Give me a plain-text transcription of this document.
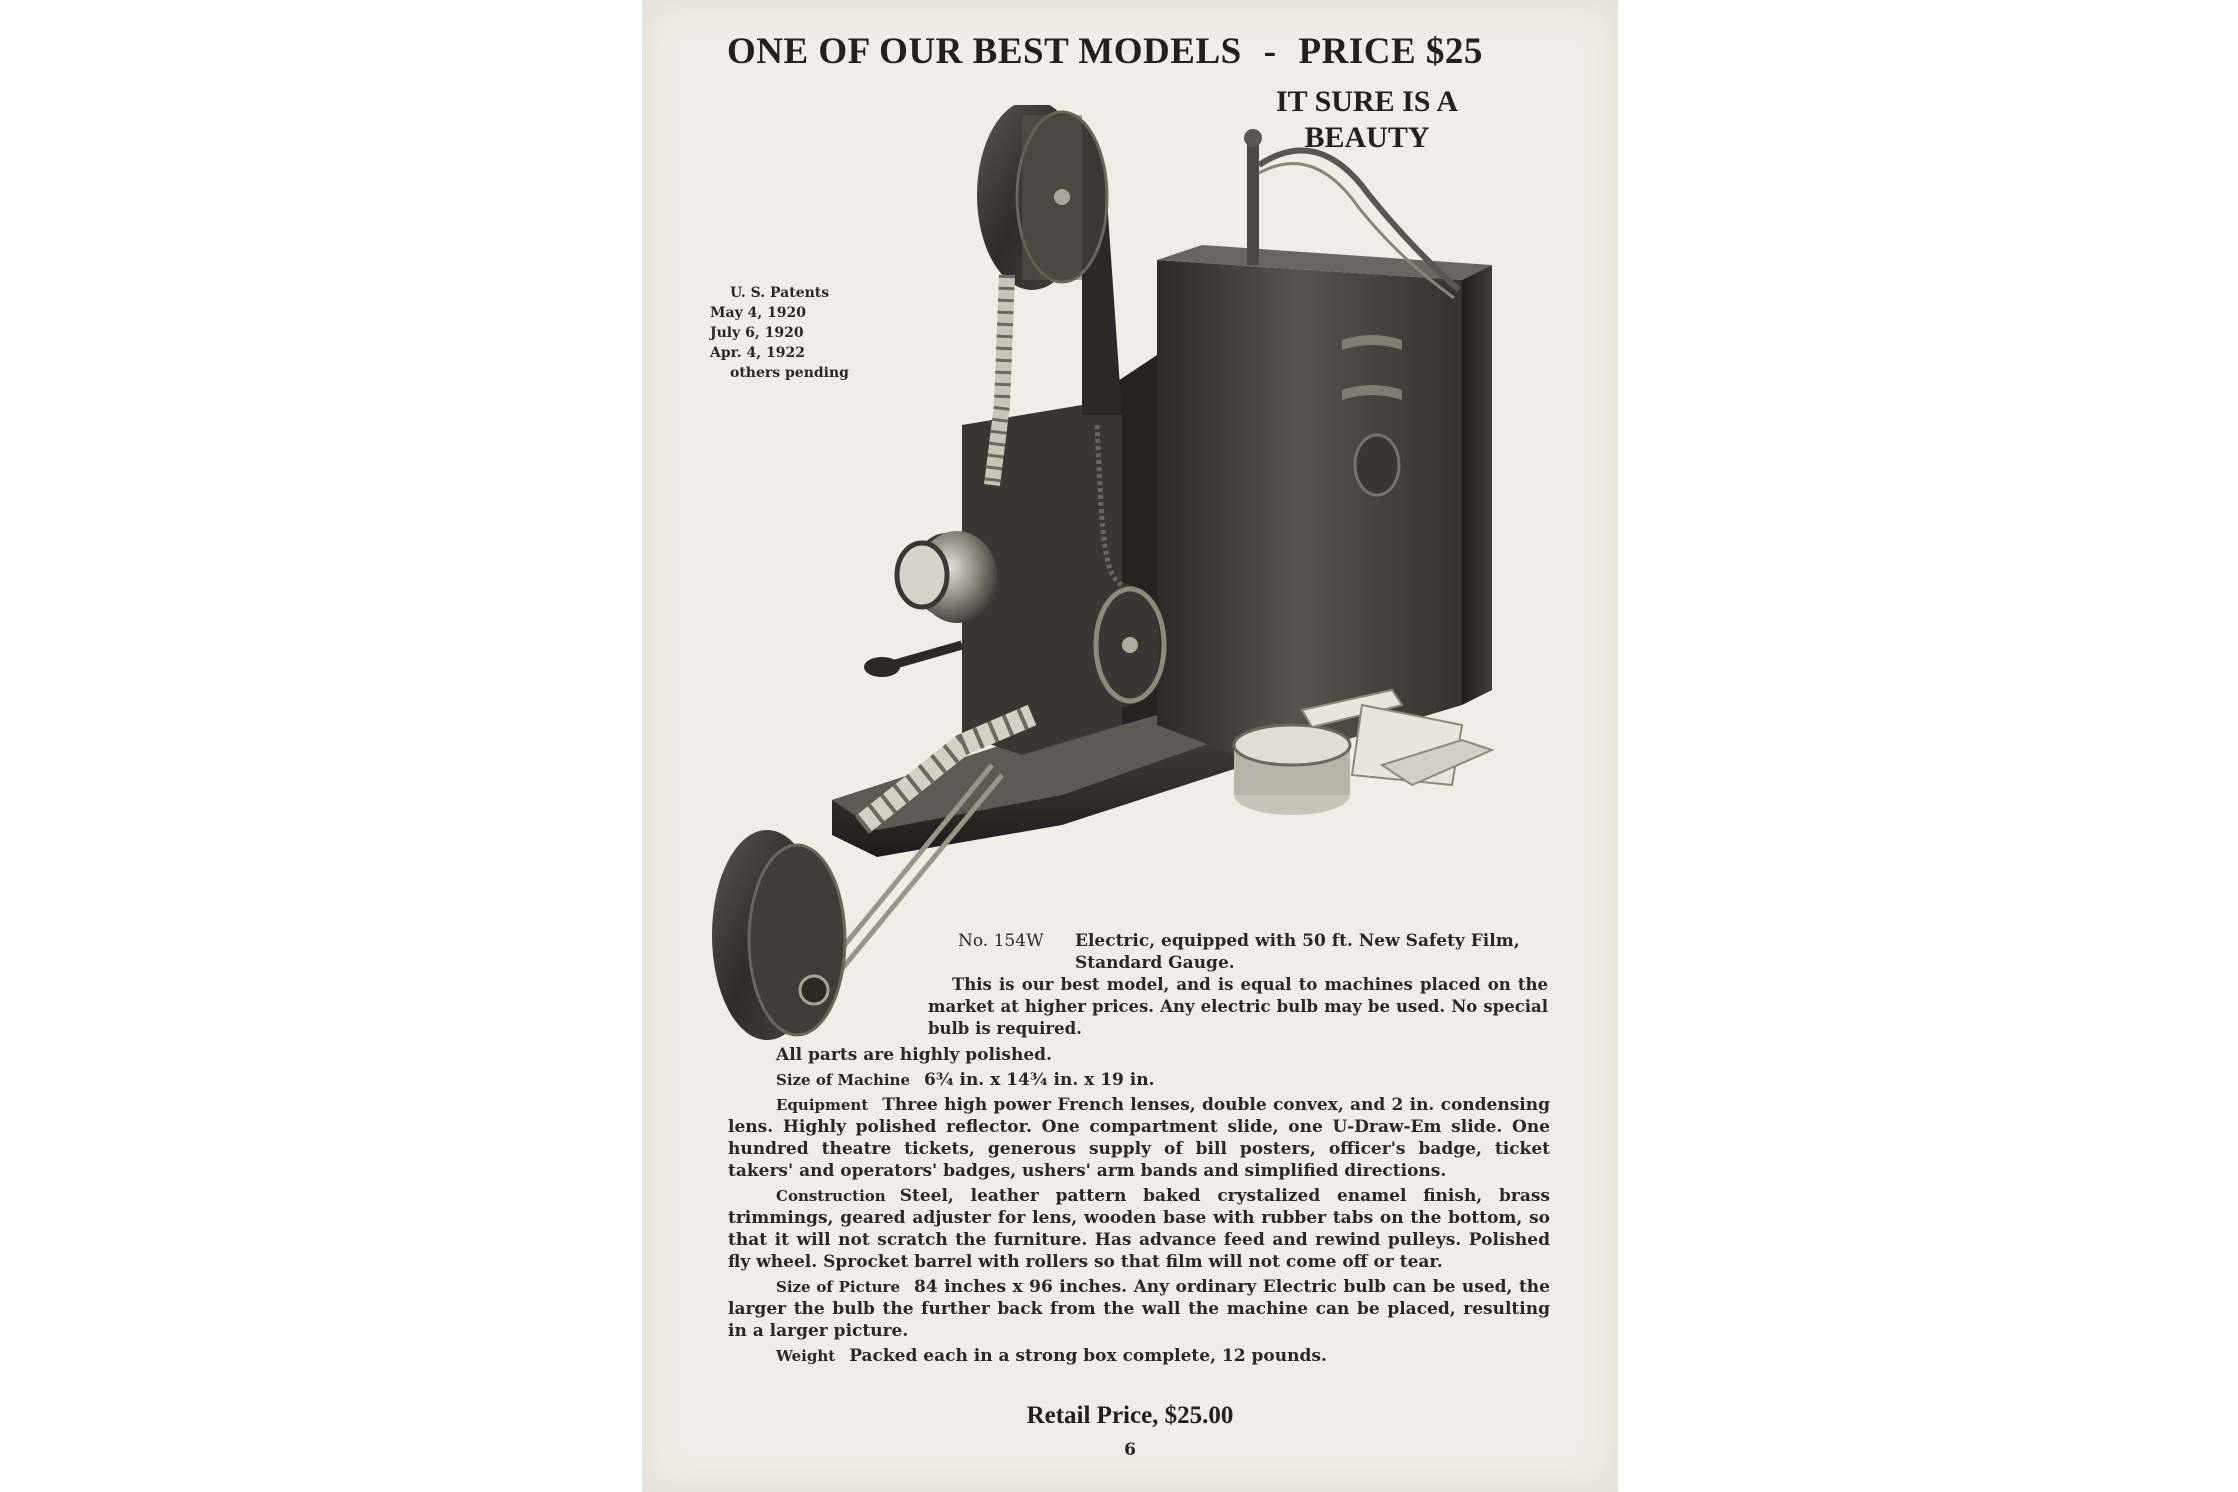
ONE OF OUR BEST MODELS - PRICE $25
IT SURE IS A BEAUTY
U. S. Patents
May 4, 1920
July 6, 1920
Apr. 4, 1922
others pending
No. 154W Electric, equipped with 50 ft. New Safety Film, Standard Gauge.
This is our best model, and is equal to machines placed on the market at higher prices. Any electric bulb may be used. No special bulb is required.

All parts are highly polished.

Size of Machine 6¾ in. x 14¾ in. x 19 in.

Equipment Three high power French lenses, double convex, and 2 in. condensing lens. Highly polished reflector. One compartment slide, one U-Draw-Em slide. One hundred theatre tickets, generous supply of bill posters, officer's badge, ticket takers' and operators' badges, ushers' arm bands and simplified directions.

Construction Steel, leather pattern baked crystalized enamel finish, brass trimmings, geared adjuster for lens, wooden base with rubber tabs on the bottom, so that it will not scratch the furniture. Has advance feed and rewind pulleys. Polished fly wheel. Sprocket barrel with rollers so that film will not come off or tear.

Size of Picture 84 inches x 96 inches. Any ordinary Electric bulb can be used, the larger the bulb the further back from the wall the machine can be placed, resulting in a larger picture.

Weight Packed each in a strong box complete, 12 pounds.

Retail Price, $25.00
6
